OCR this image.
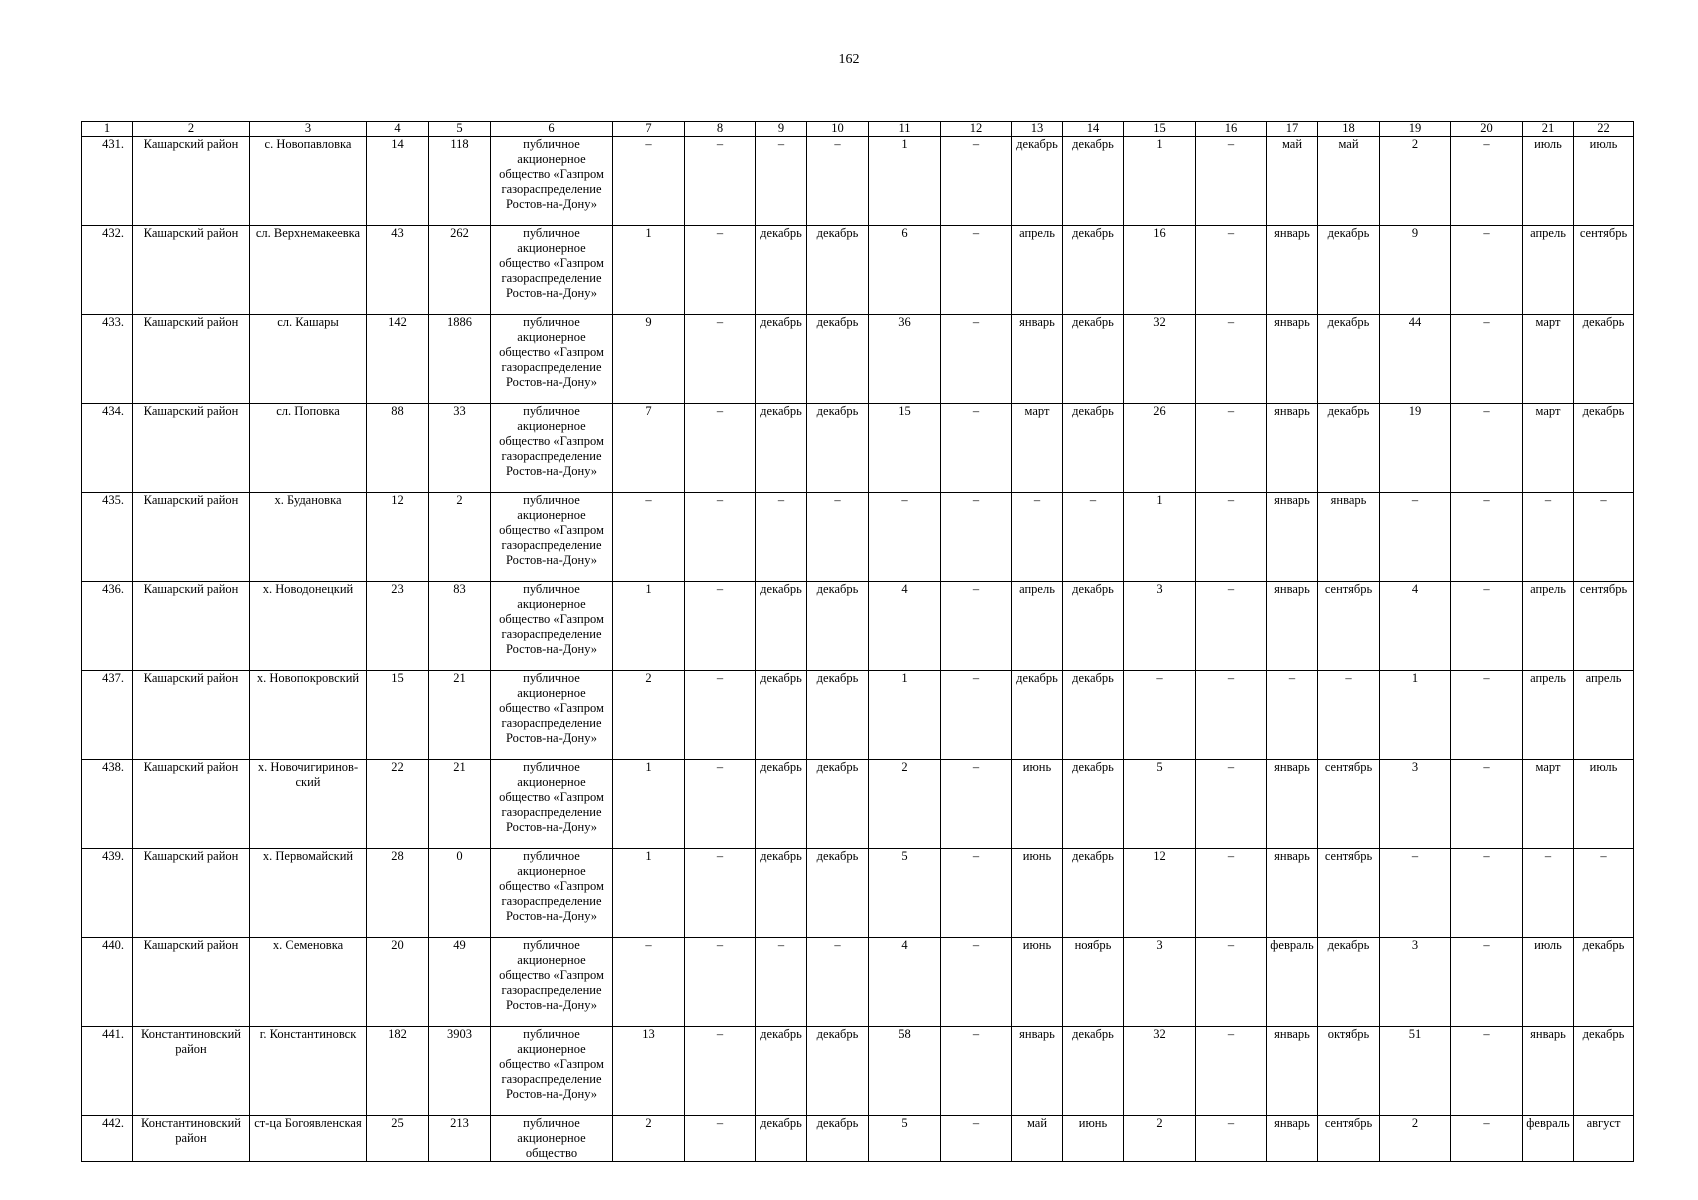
162
1	2	3	4	5	6	7	8	9	10	11	12	13	14	15	16	17	18	19	20	21	22
431.	Кашарский район	с. Новопавловка	14	118	публичное акционерное общество «Газпром газораспределение Ростов-на-Дону»	–	–	–	–	1	–	декабрь	декабрь	1	–	май	май	2	–	июль	июль
432.	Кашарский район	сл. Верхнемакеевка	43	262	публичное акционерное общество «Газпром газораспределение Ростов-на-Дону»	1	–	декабрь	декабрь	6	–	апрель	декабрь	16	–	январь	декабрь	9	–	апрель	сентябрь
433.	Кашарский район	сл. Кашары	142	1886	публичное акционерное общество «Газпром газораспределение Ростов-на-Дону»	9	–	декабрь	декабрь	36	–	январь	декабрь	32	–	январь	декабрь	44	–	март	декабрь
434.	Кашарский район	сл. Поповка	88	33	публичное акционерное общество «Газпром газораспределение Ростов-на-Дону»	7	–	декабрь	декабрь	15	–	март	декабрь	26	–	январь	декабрь	19	–	март	декабрь
435.	Кашарский район	х. Будановка	12	2	публичное акционерное общество «Газпром газораспределение Ростов-на-Дону»	–	–	–	–	–	–	–	–	1	–	январь	январь	–	–	–	–
436.	Кашарский район	х. Новодонецкий	23	83	публичное акционерное общество «Газпром газораспределение Ростов-на-Дону»	1	–	декабрь	декабрь	4	–	апрель	декабрь	3	–	январь	сентябрь	4	–	апрель	сентябрь
437.	Кашарский район	х. Новопокровский	15	21	публичное акционерное общество «Газпром газораспределение Ростов-на-Дону»	2	–	декабрь	декабрь	1	–	декабрь	декабрь	–	–	–	–	1	–	апрель	апрель
438.	Кашарский район	х. Новочигиринов-ский	22	21	публичное акционерное общество «Газпром газораспределение Ростов-на-Дону»	1	–	декабрь	декабрь	2	–	июнь	декабрь	5	–	январь	сентябрь	3	–	март	июль
439.	Кашарский район	х. Первомайский	28	0	публичное акционерное общество «Газпром газораспределение Ростов-на-Дону»	1	–	декабрь	декабрь	5	–	июнь	декабрь	12	–	январь	сентябрь	–	–	–	–
440.	Кашарский район	х. Семеновка	20	49	публичное акционерное общество «Газпром газораспределение Ростов-на-Дону»	–	–	–	–	4	–	июнь	ноябрь	3	–	февраль	декабрь	3	–	июль	декабрь
441.	Константиновский район	г. Константиновск	182	3903	публичное акционерное общество «Газпром газораспределение Ростов-на-Дону»	13	–	декабрь	декабрь	58	–	январь	декабрь	32	–	январь	октябрь	51	–	январь	декабрь
442.	Константиновский район	ст-ца Богоявленская	25	213	публичное акционерное общество	2	–	декабрь	декабрь	5	–	май	июнь	2	–	январь	сентябрь	2	–	февраль	август
